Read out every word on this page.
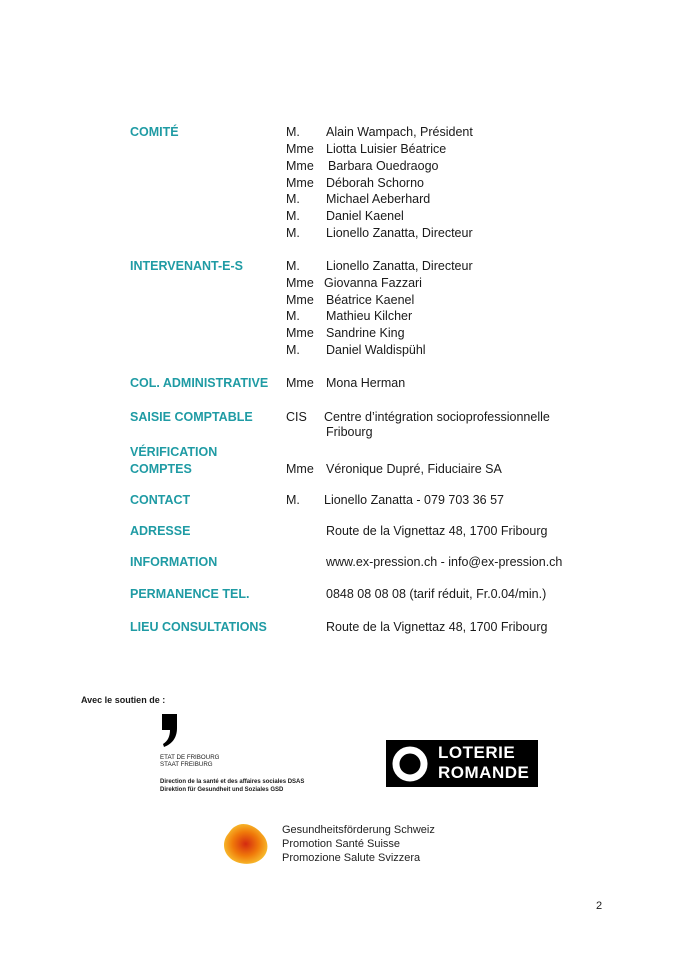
COMITÉ	M. Alain Wampach, Président
Mme Liotta Luisier Béatrice
Mme Barbara Ouedraogo
Mme Déborah Schorno
M. Michael Aeberhard
M. Daniel Kaenel
M. Lionello Zanatta, Directeur
INTERVENANT-E-S	M. Lionello Zanatta, Directeur
Mme Giovanna Fazzari
Mme Béatrice Kaenel
M. Mathieu Kilcher
Mme Sandrine King
M. Daniel Waldispühl
COL. ADMINISTRATIVE Mme Mona Herman
SAISIE COMPTABLE	CIS Centre d’intégration socioprofessionnelle
Fribourg
VÉRIFICATION
COMPTES	Mme Véronique Dupré, Fiduciaire SA
CONTACT	M. Lionello Zanatta - 079 703 36 57
ADRESSE	Route de la Vignettaz 48, 1700 Fribourg
INFORMATION	www.ex-pression.ch - info@ex-pression.ch
PERMANENCE TEL.	0848 08 08 08 (tarif réduit, Fr.0.04/min.)
LIEU CONSULTATIONS	Route de la Vignettaz 48, 1700 Fribourg
Avec le soutien de :
ETAT DE FRIBOURG
STAAT FREIBURG
Direction de la santé et des affaires sociales DSAS
Direktion für Gesundheit und Soziales GSD
LOTERIE
ROMANDE
Gesundheitsförderung Schweiz
Promotion Santé Suisse
Promozione Salute Svizzera
2
